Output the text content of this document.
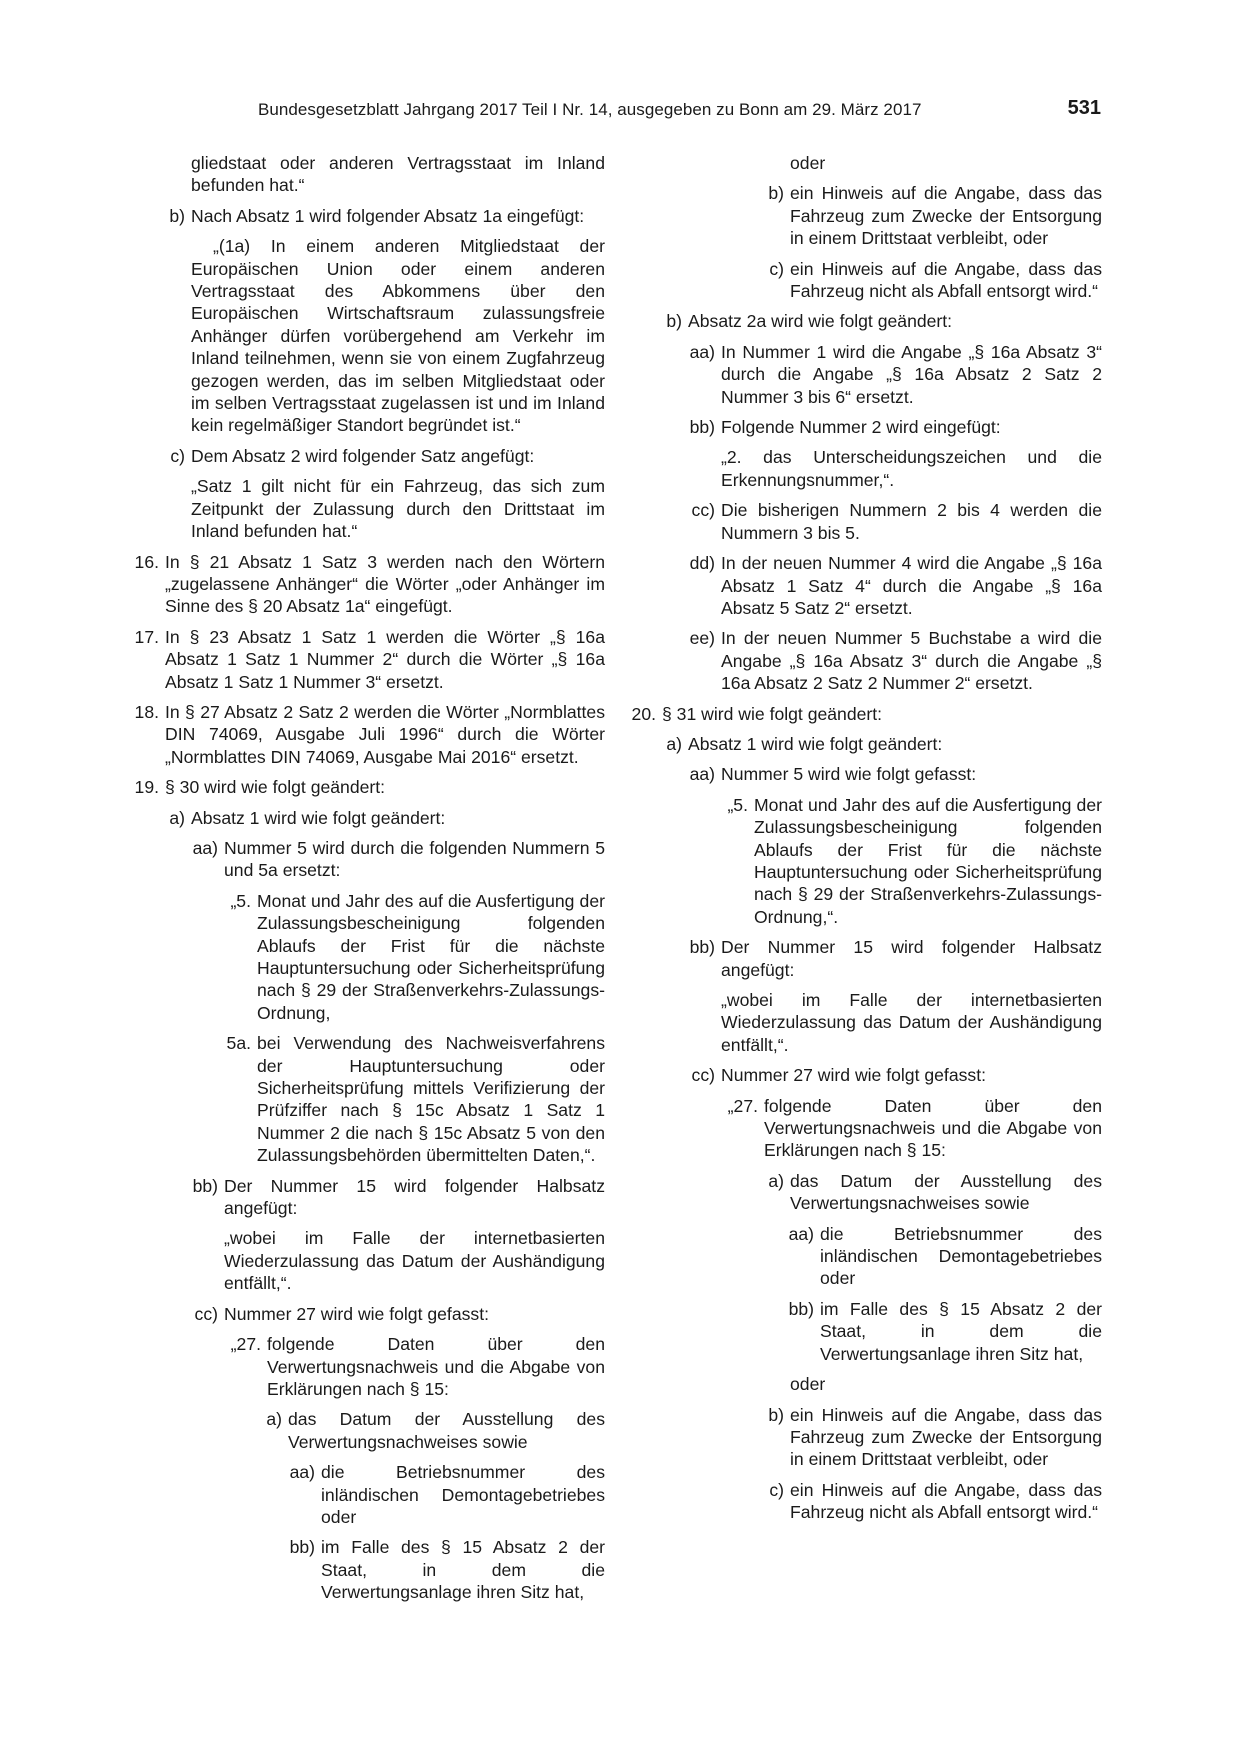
Bundesgesetzblatt Jahrgang 2017 Teil I Nr. 14, ausgegeben zu Bonn am 29. März 2017	531
gliedstaat oder anderen Vertragsstaat im Inland befunden hat.“
b) Nach Absatz 1 wird folgender Absatz 1a eingefügt:
„(1a) In einem anderen Mitgliedstaat der Europäischen Union oder einem anderen Vertragsstaat des Abkommens über den Europäischen Wirtschaftsraum zulassungsfreie Anhänger dürfen vorübergehend am Verkehr im Inland teilnehmen, wenn sie von einem Zugfahrzeug gezogen werden, das im selben Mitgliedstaat oder im selben Vertragsstaat zugelassen ist und im Inland kein regelmäßiger Standort begründet ist.“
c) Dem Absatz 2 wird folgender Satz angefügt:
„Satz 1 gilt nicht für ein Fahrzeug, das sich zum Zeitpunkt der Zulassung durch den Drittstaat im Inland befunden hat.“
16. In § 21 Absatz 1 Satz 3 werden nach den Wörtern „zugelassene Anhänger“ die Wörter „oder Anhänger im Sinne des § 20 Absatz 1a“ eingefügt.
17. In § 23 Absatz 1 Satz 1 werden die Wörter „§ 16a Absatz 1 Satz 1 Nummer 2“ durch die Wörter „§ 16a Absatz 1 Satz 1 Nummer 3“ ersetzt.
18. In § 27 Absatz 2 Satz 2 werden die Wörter „Normblattes DIN 74069, Ausgabe Juli 1996“ durch die Wörter „Normblattes DIN 74069, Ausgabe Mai 2016“ ersetzt.
19. § 30 wird wie folgt geändert:
a) Absatz 1 wird wie folgt geändert:
aa) Nummer 5 wird durch die folgenden Nummern 5 und 5a ersetzt:
„5. Monat und Jahr des auf die Ausfertigung der Zulassungsbescheinigung folgenden Ablaufs der Frist für die nächste Hauptuntersuchung oder Sicherheitsprüfung nach § 29 der Straßenverkehrs-Zulassungs-Ordnung,
5a. bei Verwendung des Nachweisverfahrens der Hauptuntersuchung oder Sicherheitsprüfung mittels Verifizierung der Prüfziffer nach § 15c Absatz 1 Satz 1 Nummer 2 die nach § 15c Absatz 5 von den Zulassungsbehörden übermittelten Daten,“.
bb) Der Nummer 15 wird folgender Halbsatz angefügt:
„wobei im Falle der internetbasierten Wiederzulassung das Datum der Aushändigung entfällt,“.
cc) Nummer 27 wird wie folgt gefasst:
„27. folgende Daten über den Verwertungsnachweis und die Abgabe von Erklärungen nach § 15:
a) das Datum der Ausstellung des Verwertungsnachweises sowie
aa) die Betriebsnummer des inländischen Demontagebetriebes oder
bb) im Falle des § 15 Absatz 2 der Staat, in dem die Verwertungsanlage ihren Sitz hat,
oder
b) ein Hinweis auf die Angabe, dass das Fahrzeug zum Zwecke der Entsorgung in einem Drittstaat verbleibt, oder
c) ein Hinweis auf die Angabe, dass das Fahrzeug nicht als Abfall entsorgt wird.“
b) Absatz 2a wird wie folgt geändert:
aa) In Nummer 1 wird die Angabe „§ 16a Absatz 3“ durch die Angabe „§ 16a Absatz 2 Satz 2 Nummer 3 bis 6“ ersetzt.
bb) Folgende Nummer 2 wird eingefügt:
„2. das Unterscheidungszeichen und die Erkennungsnummer,“.
cc) Die bisherigen Nummern 2 bis 4 werden die Nummern 3 bis 5.
dd) In der neuen Nummer 4 wird die Angabe „§ 16a Absatz 1 Satz 4“ durch die Angabe „§ 16a Absatz 5 Satz 2“ ersetzt.
ee) In der neuen Nummer 5 Buchstabe a wird die Angabe „§ 16a Absatz 3“ durch die Angabe „§ 16a Absatz 2 Satz 2 Nummer 2“ ersetzt.
20. § 31 wird wie folgt geändert:
a) Absatz 1 wird wie folgt geändert:
aa) Nummer 5 wird wie folgt gefasst:
„5. Monat und Jahr des auf die Ausfertigung der Zulassungsbescheinigung folgenden Ablaufs der Frist für die nächste Hauptuntersuchung oder Sicherheitsprüfung nach § 29 der Straßenverkehrs-Zulassungs-Ordnung,“.
bb) Der Nummer 15 wird folgender Halbsatz angefügt:
„wobei im Falle der internetbasierten Wiederzulassung das Datum der Aushändigung entfällt,“.
cc) Nummer 27 wird wie folgt gefasst:
„27. folgende Daten über den Verwertungsnachweis und die Abgabe von Erklärungen nach § 15:
a) das Datum der Ausstellung des Verwertungsnachweises sowie
aa) die Betriebsnummer des inländischen Demontagebetriebes oder
bb) im Falle des § 15 Absatz 2 der Staat, in dem die Verwertungsanlage ihren Sitz hat,
oder
b) ein Hinweis auf die Angabe, dass das Fahrzeug zum Zwecke der Entsorgung in einem Drittstaat verbleibt, oder
c) ein Hinweis auf die Angabe, dass das Fahrzeug nicht als Abfall entsorgt wird.“
